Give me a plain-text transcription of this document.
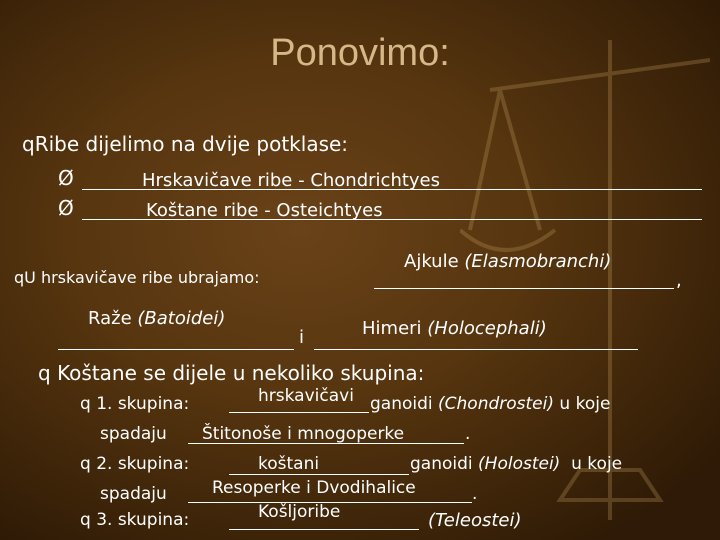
Ponovimo:
qRibe dijelimo na dvije potklase:
Ø	Hrskavičave ribe - Chondrichtyes
Ø	Koštane ribe - Osteichtyes
Ajkule (Elasmobranchi)
qU hrskavičave ribe ubrajamo:	,
Raže (Batoidei)
i	Himeri (Holocephali)
q Koštane se dijele u nekoliko skupina:
q 1. skupina:	hrskavičavi ganoidi (Chondrostei) u koje
spadaju Štitonoše i mnogoperke	.
q 2. skupina:	koštani	ganoidi (Holostei) u koje
spadaju	Resoperke i Dvodihalice	.
q 3. skupina:	Košljoribe	(Teleostei)
